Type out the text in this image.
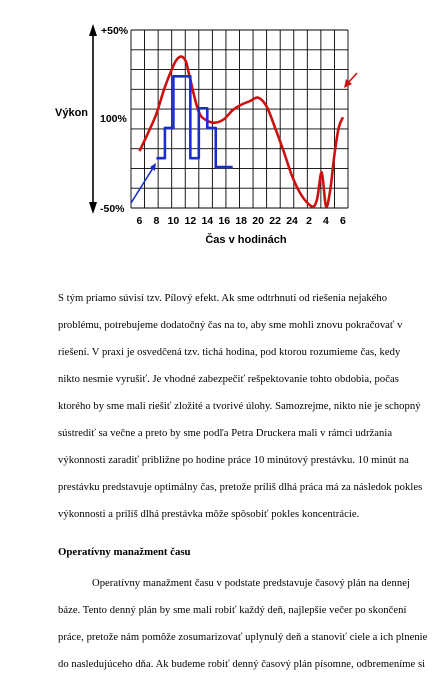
+50%
100%
-50%
Výkon
6 8 10 12 14 16 18 20 22 24 2 4 6
Čas v hodinách
S tým priamo súvisí tzv. Pílový efekt. Ak sme odtrhnutí od riešenia nejakého
problému, potrebujeme dodatočný čas na to, aby sme mohli znovu pokračovať v
riešení. V praxi je osvedčená tzv. tichá hodina, pod ktorou rozumieme čas, kedy
nikto nesmie vyrušiť. Je vhodné zabezpečiť rešpektovanie tohto obdobia, počas
ktorého by sme mali riešiť zložité a tvorivé úlohy. Samozrejme, nikto nie je schopný
sústrediť sa večne a preto by sme podľa Petra Druckera mali v rámci udržania
výkonnosti zaradiť približne po hodine práce 10 minútový prestávku. 10 minút na
prestávku predstavuje optimálny čas, pretože príliš dlhá práca má za následok pokles
výkonnosti a príliš dlhá prestávka môže spôsobiť pokles koncentrácie.
Operatívny manažment času
Operatívny manažment času v podstate predstavuje časový plán na dennej
báze. Tento denný plán by sme mali robiť každý deň, najlepšie večer po skončení
práce, pretože nám pomôže zosumarizovať uplynulý deň a stanoviť ciele a ich plnenie
do nasledujúceho dňa. Ak budeme robiť denný časový plán písomne, odbremeníme si
